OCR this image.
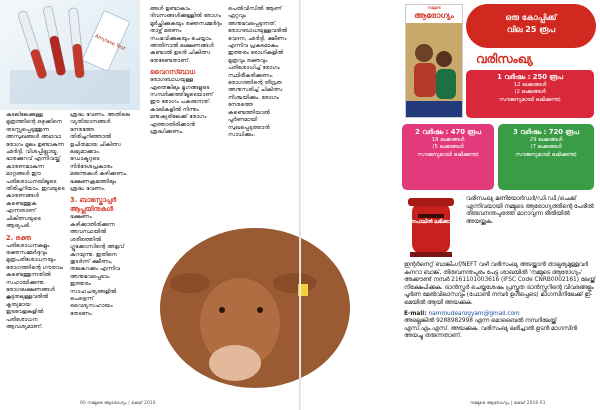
Amylase Test

കുടലിലേക്കുള്ള മൂത്രത്തിന്റെ ഒഴുക്കിനെ തടസ്സപ്പെടുത്തുന്ന അസുഖങ്ങൾ അഥവാ രോഗം മൂലം ഉണ്ടാകുന്ന ഛർദ്ദി, വിശപ്പില്ലായ്മ, ഭാരക്കുറവ് എന്നിവയ്ക്ക് കാരണമാകുന്ന മാറ്റങ്ങൾ ഈ പരിശോധനയിലൂടെ തിരിച്ചറിയാം. ഇവയുടെ കാരണങ്ങൾ കണ്ടെത്തുക എന്നതാണ് ചികിത്സയുടെ ആദ്യപടി.

2. രക്ത

പരിശോധനകളും രക്തസമ്മർദ്ദവും മൂത്രപരിശോധനയും രോഗത്തിന്റെ ഗൗരവം കണ്ടെത്തുന്നതിൽ സഹായിക്കുന്നു. രോഗലക്ഷണങ്ങൾ കൂടുതലുള്ളവരിൽ കൃത്യമായ ഇടവേളകളിൽ പരിശോധന ആവശ്യമാണ്.

ശ്രദ്ധ വേണം. അതിലെ വ്യതിയാനങ്ങൾ നേരത്തേ തിരിച്ചറിഞ്ഞാൽ ഉചിതമായ ചികിത്സ ലഭ്യമാക്കാം. ഡോക്ടറുടെ നിർദേശപ്രകാരം മരുന്നുകൾ കഴിക്കണം. ഭക്ഷണക്രമത്തിലും ശ്രദ്ധ വേണം.

3. ബാസ്കോപ്പർ ആപ്ലയിനുകൾ

ഭക്ഷണം കഴിക്കാതിരിക്കുന്ന അവസ്ഥയിൽ ശരീരത്തിൽ ഗ്ലൂക്കോസിന്റെ അളവ് കുറയുന്നു. ഇതിനെ തുടർന്ന് ക്ഷീണം, തലകറക്കം എന്നിവ അനുഭവപ്പെടാം. ഇത്തരം സാഹചര്യങ്ങളിൽ പെട്ടെന്ന് വൈദ്യസഹായം തേടണം.

ങ്ങൾ ഉണ്ടാകാം. ദിവസങ്ങൾക്കുള്ളിൽ രോഗം മൂർച്ഛിക്കുകയും രക്തസമ്മർദ്ദം താഴ്ന്ന് മരണം സംഭവിക്കുകയും ചെയ്യാം. അതിനാൽ ലക്ഷണങ്ങൾ കണ്ടാൽ ഉടൻ ചികിത്സ തേടേണ്ടതാണ്.

വൈറസ്ബാധ

രോഗബാധയുള്ള ഏതെങ്കിലും മൃഗങ്ങളുടെ സമ്പർക്കത്തിലൂടെയാണ് ഈ രോഗം പകരുന്നത്. കാലികളിൽ നിന്നും മനുഷ്യരിലേക്ക് രോഗം എത്താതിരിക്കാൻ ശ്രദ്ധിക്കണം.

പെൽവിസിൽ ആണ് ഏറ്റവും അനുഭവപ്പെടുന്നത്. രോഗബാധയുള്ളവരിൽ വേദന, ഛർദ്ദി, ക്ഷീണം എന്നിവ പ്രകടമാകും. ഇത്തരം രോഗികളിൽ മൂത്രവും രക്തവും പരിശോധിച്ച് രോഗം സ്ഥിരീകരിക്കണം. രോഗത്തിന്റെ തീവ്രത അനുസരിച്ച് ചികിത്സ നിശ്ചയിക്കും. രോഗം നേരത്തെ കണ്ടെത്തിയാൽ പൂർണമായി സുഖപ്പെടുത്താൻ സാധിക്കും.

60 നമ്മുടെ ആരോഗ്യം | മെയ് 2016
നമ്മുടെ
ആരോഗ്യം	ഒരു കോപ്പിക്ക്
വില 25 രൂപ
വരിസംഖ്യ
1 വർഷം : 250 രൂപ
12 ലക്കങ്ങൾ
(2 ലക്കങ്ങൾ
സൗജന്യമായി ലഭിക്കുന്നു)
2 വർഷം : 470 രൂപ
18 ലക്കങ്ങൾ
(5 ലക്കങ്ങൾ
സൗജന്യമായി ലഭിക്കുന്നു)
3 വർഷം : 720 രൂപ
29 ലക്കങ്ങൾ
(7 ലക്കങ്ങൾ
സൗജന്യമായി ലഭിക്കുന്നു)
തപാലിൽ ലഭിക്കാൻ

വരിസംഖ്യ മണിയോർഡർ/ഡി.ഡി./ചെക്ക് എന്നിവയായി നമ്മുടെ ആരോഗ്യത്തിന്റെ പേരിൽ തിരുവനന്തപുരത്ത് മാറാവുന്ന രീതിയിൽ അയയ്ക്കുക.

ഇന്റർനെറ്റ് ബാങ്കിംഗ്/NEFT വഴി വരിസംഖ്യ അടയ്ക്കാൻ താല്പര്യമുള്ളവർ കനറാ ബാങ്ക്, തിരുവനന്തപുരം പേട്ട ശാഖയിൽ 'നമ്മുടെ ആരോഗ്യം' അക്കൗണ്ട് നമ്പർ 2161101003616 (IFSC Code CNRB0002161) ലേയ്ക്ക് നിക്ഷേപിക്കുക. ട്രാൻസ്ഫർ ചെയ്തശേഷം പ്രസ്തുത ട്രാൻസ്ഫറിന്റെ വിവരങ്ങളും പൂർണ മേൽവിലാസവും (ഫോൺ നമ്പർ ഉൾപ്പെടെ) മാഗസിനിലേക്ക് ഇ-മെയിൽ ആയി അയക്കുക.

E-mail: nammudearogyam@gmail.com

അല്ലെങ്കിൽ 9288982998 എന്ന മൊബൈൽ നമ്പറിലേയ്ക്ക് എസ്.എം.എസ്. അയക്കുക. വരിസംഖ്യ ലഭിച്ചാൽ ഉടൻ മാഗസിൻ അയച്ചു തരുന്നതാണ്.

നമ്മുടെ ആരോഗ്യം | മെയ് 2016 61
